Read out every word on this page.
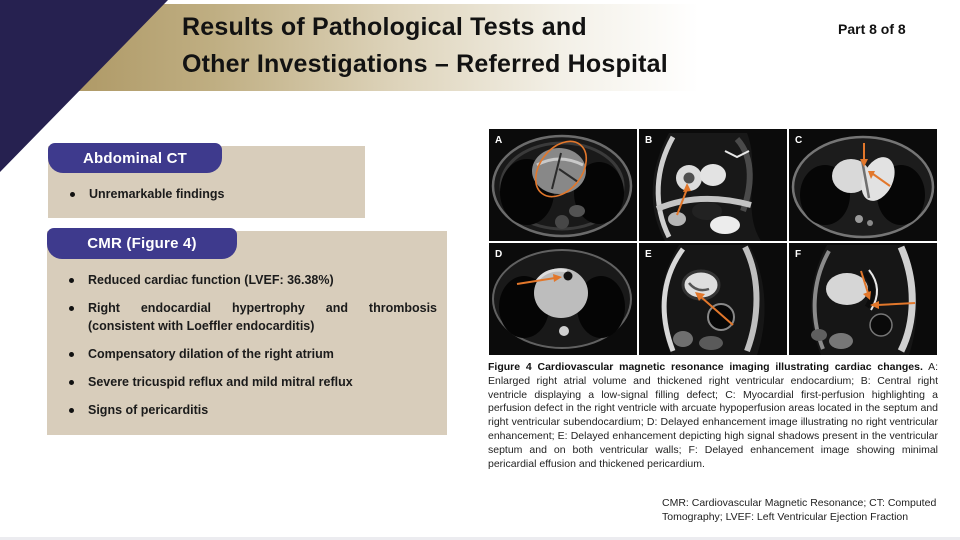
Results of Pathological Tests and
Other Investigations – Referred Hospital
Part 8 of 8
Abdominal CT
Unremarkable findings
CMR (Figure 4)
Reduced cardiac function (LVEF: 36.38%)
Right endocardial hypertrophy and thrombosis (consistent with Loeffler endocarditis)
Compensatory dilation of the right atrium
Severe tricuspid reflux and mild mitral reflux
Signs of pericarditis
A	B	C
D	E	F
Figure 4 Cardiovascular magnetic resonance imaging illustrating cardiac changes. A: Enlarged right atrial volume and thickened right ventricular endocardium; B: Central right ventricle displaying a low-signal filling defect; C: Myocardial first-perfusion highlighting a perfusion defect in the right ventricle with arcuate hypoperfusion areas located in the septum and right ventricular subendocardium; D: Delayed enhancement image illustrating no right ventricular enhancement; E: Delayed enhancement depicting high signal shadows present in the ventricular septum and on both ventricular walls; F: Delayed enhancement image showing minimal pericardial effusion and thickened pericardium.
CMR: Cardiovascular Magnetic Resonance; CT: Computed Tomography; LVEF: Left Ventricular Ejection Fraction
